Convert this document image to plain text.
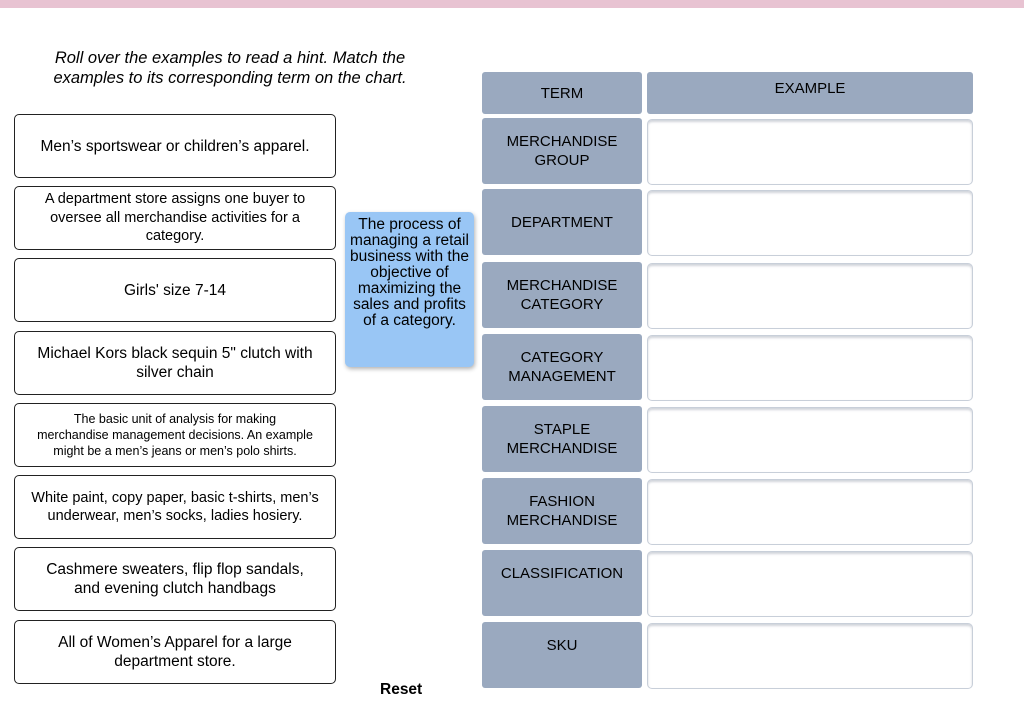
Roll over the examples to read a hint. Match the examples to its corresponding term on the chart.
Men’s sportswear or children’s apparel.
A department store assigns one buyer to oversee all merchandise activities for a category.
Girls' size 7-14
Michael Kors black sequin 5" clutch with silver chain
The basic unit of analysis for making merchandise management decisions. An example might be a men’s jeans or men’s polo shirts.
White paint, copy paper, basic t-shirts, men’s underwear, men’s socks, ladies hosiery.
Cashmere sweaters, flip flop sandals, and evening clutch handbags
All of Women’s Apparel for a large department store.
The process of managing a retail business with the objective of maximizing the sales and profits of a category.
Reset
TERM	EXAMPLE
MERCHANDISE GROUP
DEPARTMENT
MERCHANDISE CATEGORY
CATEGORY MANAGEMENT
STAPLE MERCHANDISE
FASHION MERCHANDISE
CLASSIFICATION
SKU
